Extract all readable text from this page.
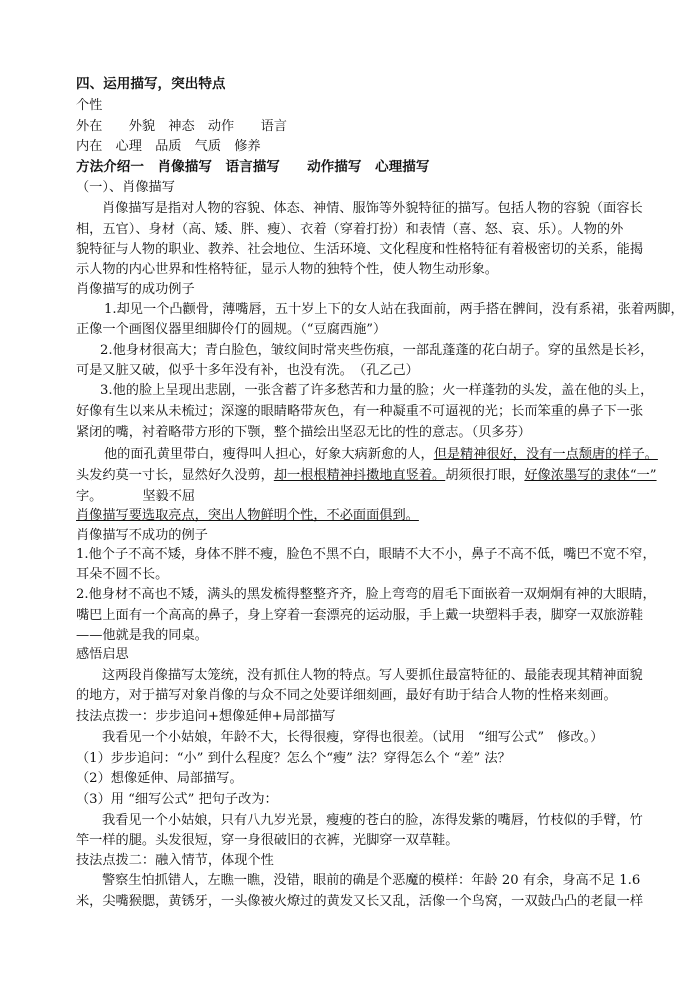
四、运用描写，突出特点
个性
外在　　外貌　神态　动作　　语言
内在　心理　品质　气质　修养
方法介绍一　肖像描写　语言描写　　动作描写　心理描写
（一）、肖像描写
肖像描写是指对人物的容貌、体态、神情、服饰等外貌特征的描写。包括人物的容貌（面容长
相，五官）、身材（高、矮、胖、瘦）、衣着（穿着打扮）和表情（喜、怒、哀、乐）。人物的外
貌特征与人物的职业、教养、社会地位、生活环境、文化程度和性格特征有着极密切的关系，能揭
示人物的内心世界和性格特征，显示人物的独特个性，使人物生动形象。
肖像描写的成功例子
1.却见一个凸颧骨，薄嘴唇，五十岁上下的女人站在我面前，两手搭在髀间，没有系裙，张着两脚，
正像一个画图仪器里细脚伶仃的圆规。（“豆腐西施”）
2.他身材很高大；青白脸色，皱纹间时常夹些伤痕，一部乱蓬蓬的花白胡子。穿的虽然是长衫，
可是又脏又破，似乎十多年没有补，也没有洗。　（孔乙己）
3.他的脸上呈现出悲剧，一张含蓄了许多愁苦和力量的脸；火一样蓬勃的头发，盖在他的头上，
好像有生以来从未梳过；深邃的眼睛略带灰色，有一种凝重不可逼视的光；长而笨重的鼻子下一张
紧闭的嘴，衬着略带方形的下颚，整个描绘出坚忍无比的性的意志。（贝多芬）
他的面孔黄里带白，瘦得叫人担心，好象大病新愈的人，但是精神很好，没有一点颓唐的样子。
头发约莫一寸长，显然好久没剪，却一根根精神抖擞地直竖着。胡须很打眼，好像浓墨写的隶体“一”
字。	坚毅不屈
肖像描写要选取亮点，突出人物鲜明个性，不必面面俱到。
肖像描写不成功的例子
1.他个子不高不矮，身体不胖不瘦，脸色不黑不白，眼睛不大不小，鼻子不高不低，嘴巴不宽不窄，
耳朵不圆不长。
2.他身材不高也不矮，满头的黑发梳得整整齐齐，脸上弯弯的眉毛下面嵌着一双炯炯有神的大眼睛，
嘴巴上面有一个高高的鼻子，身上穿着一套漂亮的运动服，手上戴一块塑料手表，脚穿一双旅游鞋
——他就是我的同桌。
感悟启思
这两段肖像描写太笼统，没有抓住人物的特点。写人要抓住最富特征的、最能表现其精神面貌
的地方，对于描写对象肖像的与众不同之处要详细刻画，最好有助于结合人物的性格来刻画。
技法点拨一：步步追问+想像延伸+局部描写
我看见一个小姑娘，年龄不大，长得很瘦，穿得也很差。（试用　“细写公式”　修改。）
（1）步步追问：“小” 到什么程度？怎么个“瘦” 法？穿得怎么个 “差” 法？
（2）想像延伸、局部描写。
（3）用 “细写公式” 把句子改为：
我看见一个小姑娘，只有八九岁光景，瘦瘦的苍白的脸，冻得发紫的嘴唇，竹枝似的手臂，竹
竿一样的腿。头发很短，穿一身很破旧的衣裤，光脚穿一双草鞋。
技法点拨二：融入情节，体现个性
警察生怕抓错人，左瞧一瞧，没错，眼前的确是个恶魔的模样：年龄 20 有余，身高不足 1.6
米，尖嘴猴腮，黄锈牙，一头像被火燎过的黄发又长又乱，活像一个鸟窝，一双鼓凸凸的老鼠一样
